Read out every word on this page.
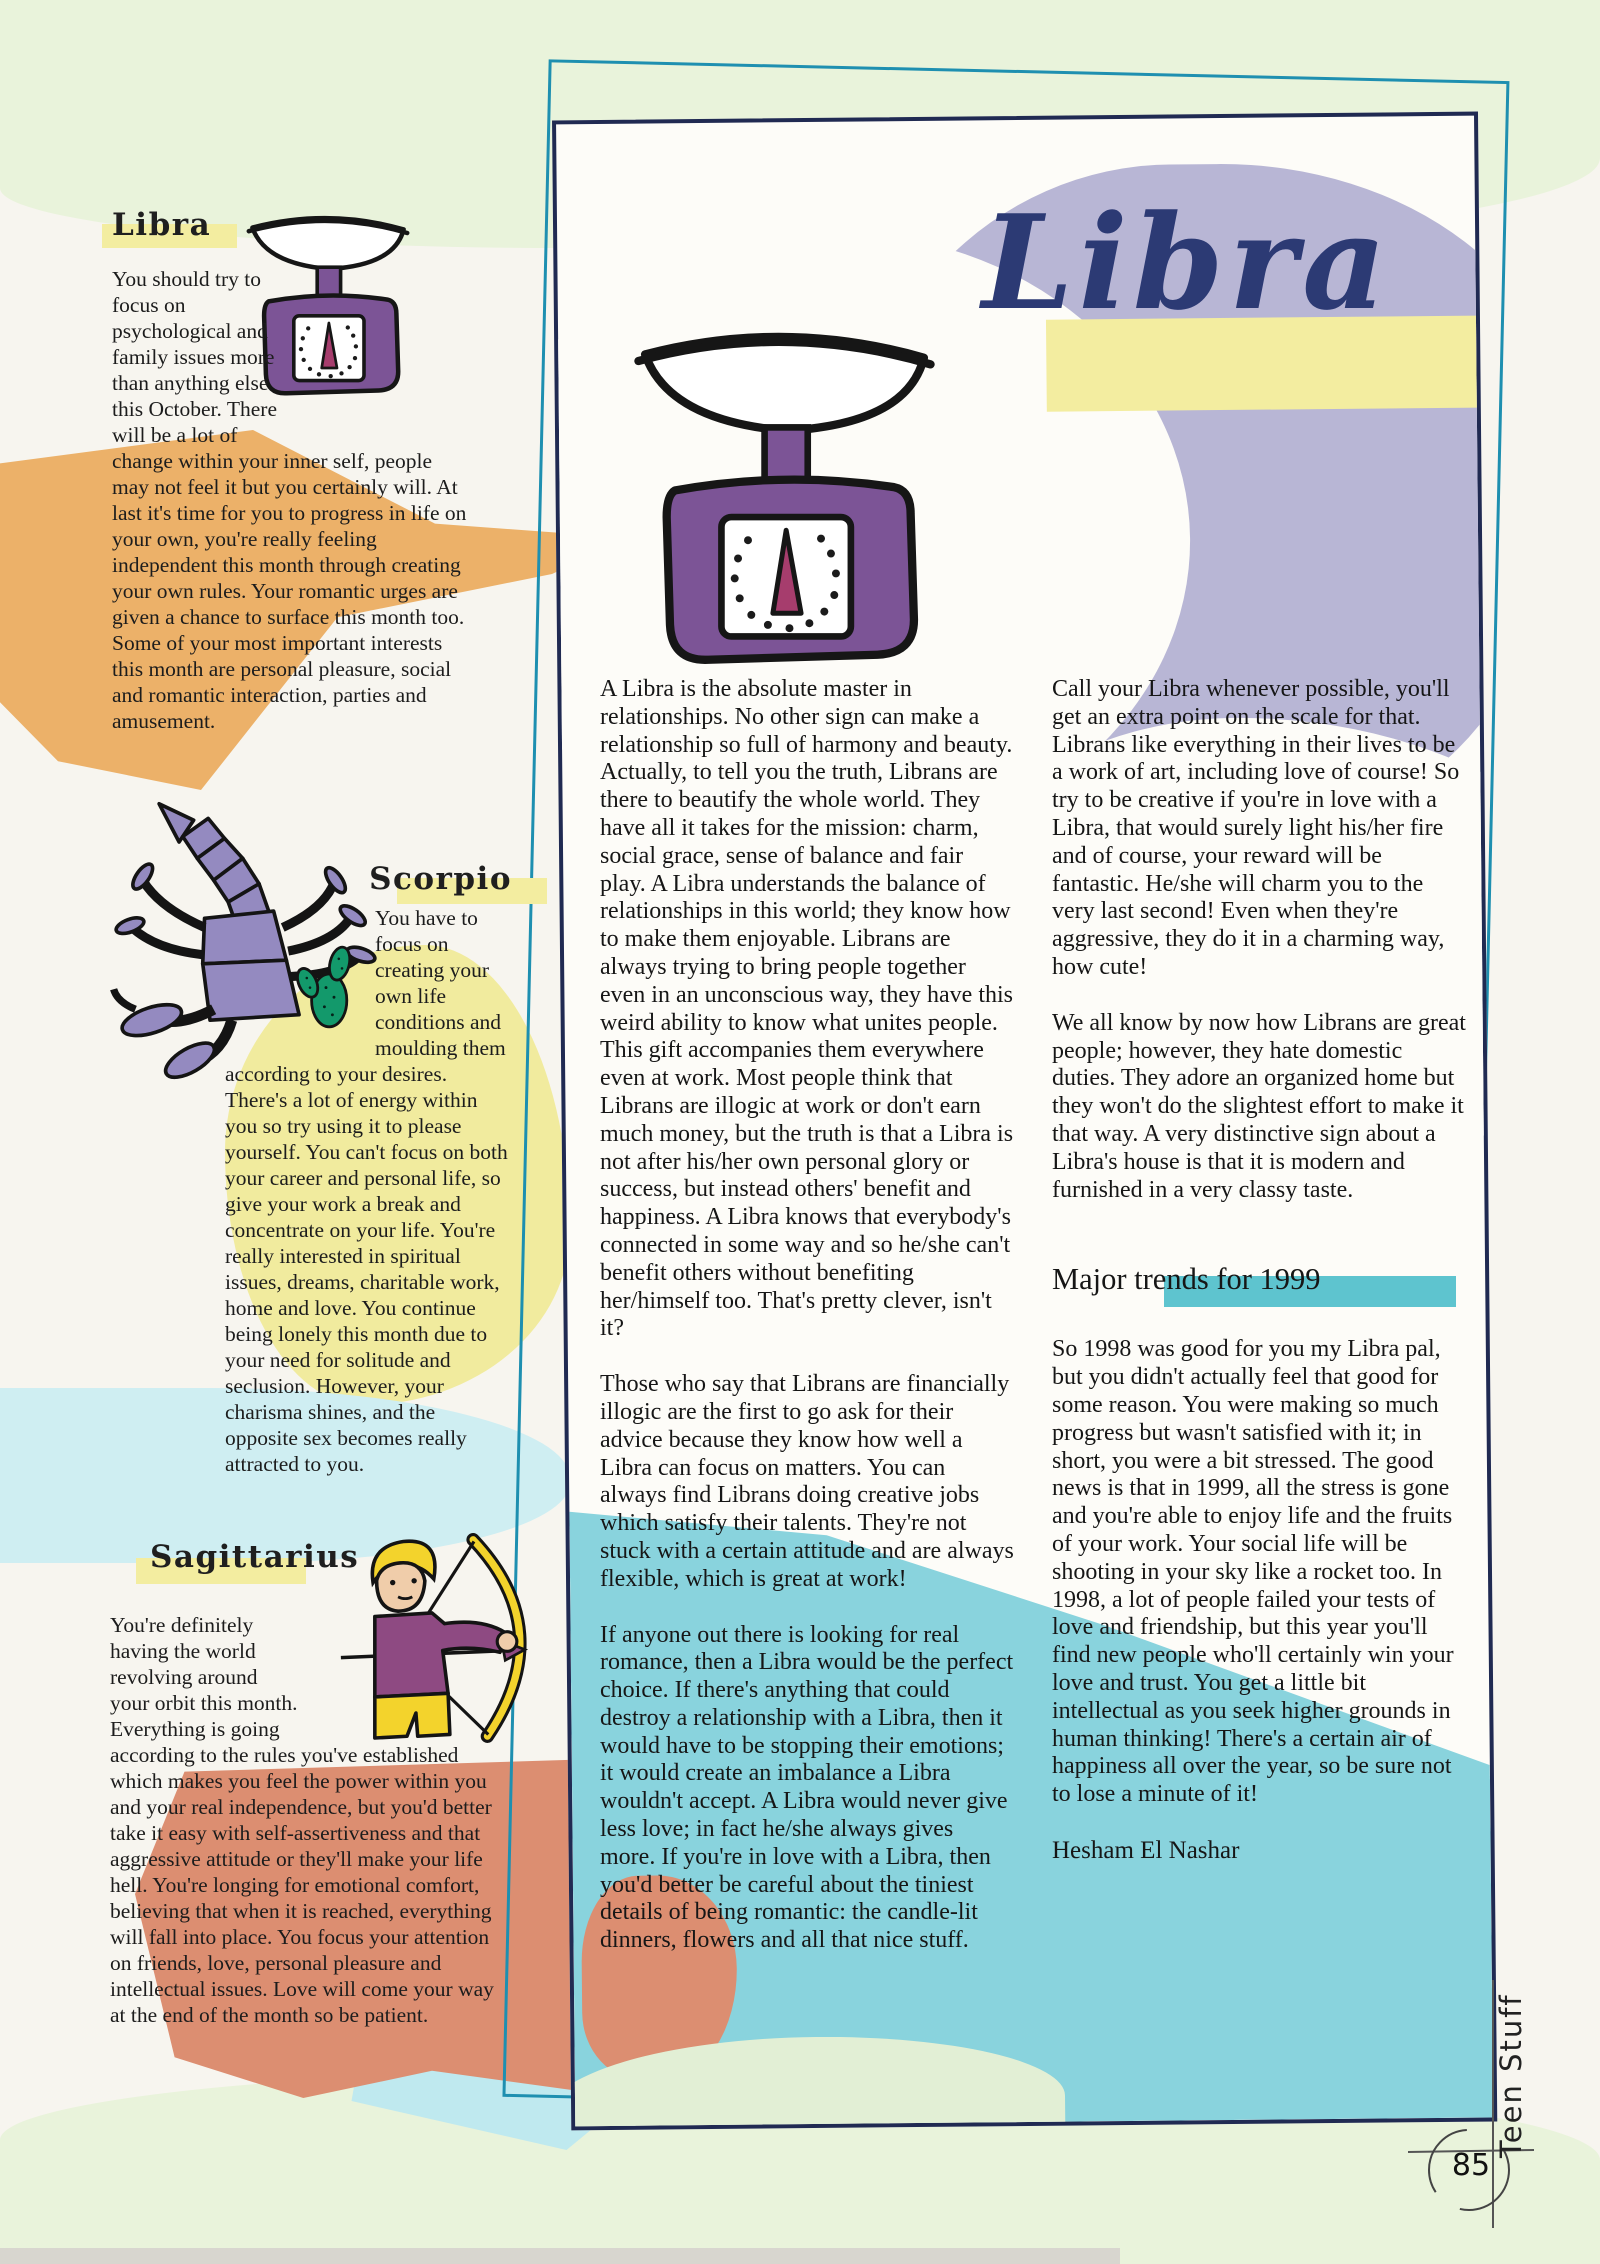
Libra

A Libra is the absolute master in relationships. No other sign can make a relationship so full of harmony and beauty. Actually, to tell you the truth, Librans are there to beautify the whole world. They have all it takes for the mission: charm, social grace, sense of balance and fair play. A Libra understands the balance of relationships in this world; they know how to make them enjoyable. Librans are always trying to bring people together even in an unconscious way, they have this weird ability to know what unites people. This gift accompanies them everywhere even at work. Most people think that Librans are illogic at work or don't earn much money, but the truth is that a Libra is not after his/her own personal glory or success, but instead others' benefit and happiness. A Libra knows that everybody's connected in some way and so he/she can't benefit others without benefiting her/himself too. That's pretty clever, isn't it?

Those who say that Librans are financially illogic are the first to go ask for their advice because they know how well a Libra can focus on matters. You can always find Librans doing creative jobs which satisfy their talents. They're not stuck with a certain attitude and are always flexible, which is great at work!

If anyone out there is looking for real romance, then a Libra would be the perfect choice. If there's anything that could destroy a relationship with a Libra, then it would have to be stopping their emotions; it would create an imbalance a Libra wouldn't accept. A Libra would never give less love; in fact he/she always gives more. If you're in love with a Libra, then you'd better be careful about the tiniest details of being romantic: the candle-lit dinners, flowers and all that nice stuff.

Call your Libra whenever possible, you'll get an extra point on the scale for that. Librans like everything in their lives to be a work of art, including love of course! So try to be creative if you're in love with a Libra, that would surely light his/her fire and of course, your reward will be fantastic. He/she will charm you to the very last second! Even when they're aggressive, they do it in a charming way, how cute!

We all know by now how Librans are great people; however, they hate domestic duties. They adore an organized home but they won't do the slightest effort to make it that way. A very distinctive sign about a Libra's house is that it is modern and furnished in a very classy taste.

Major trends for 1999

So 1998 was good for you my Libra pal, but you didn't actually feel that good for some reason. You were making so much progress but wasn't satisfied with it; in short, you were a bit stressed. The good news is that in 1999, all the stress is gone and you're able to enjoy life and the fruits of your work. Your social life will be shooting in your sky like a rocket too. In 1998, a lot of people failed your tests of love and friendship, but this year you'll find new people who'll certainly win your love and trust. You get a little bit intellectual as you seek higher grounds in human thinking! There's a certain air of happiness all over the year, so be sure not to lose a minute of it!

Hesham El Nashar

Libra
You should try to focus on psychological and family issues more than anything else this October. There will be a lot of change within your inner self, people may not feel it but you certainly will. At last it's time for you to progress in life on your own, you're really feeling independent this month through creating your own rules. Your romantic urges are given a chance to surface this month too. Some of your most important interests this month are personal pleasure, social and romantic interaction, parties and amusement.
Scorpio
You have to focus on creating your own life conditions and moulding them according to your desires. There's a lot of energy within you so try using it to please yourself. You can't focus on both your career and personal life, so give your work a break and concentrate on your life. You're really interested in spiritual issues, dreams, charitable work, home and love. You continue being lonely this month due to your need for solitude and seclusion. However, your charisma shines, and the opposite sex becomes really attracted to you.
Sagittarius
You're definitely having the world revolving around your orbit this month. Everything is going according to the rules you've established which makes you feel the power within you and your real independence, but you'd better take it easy with self-assertiveness and that aggressive attitude or they'll make your life hell. You're longing for emotional comfort, believing that when it is reached, everything will fall into place. You focus your attention on friends, love, personal pleasure and intellectual issues. Love will come your way at the end of the month so be patient.	Teen Stuff
85
